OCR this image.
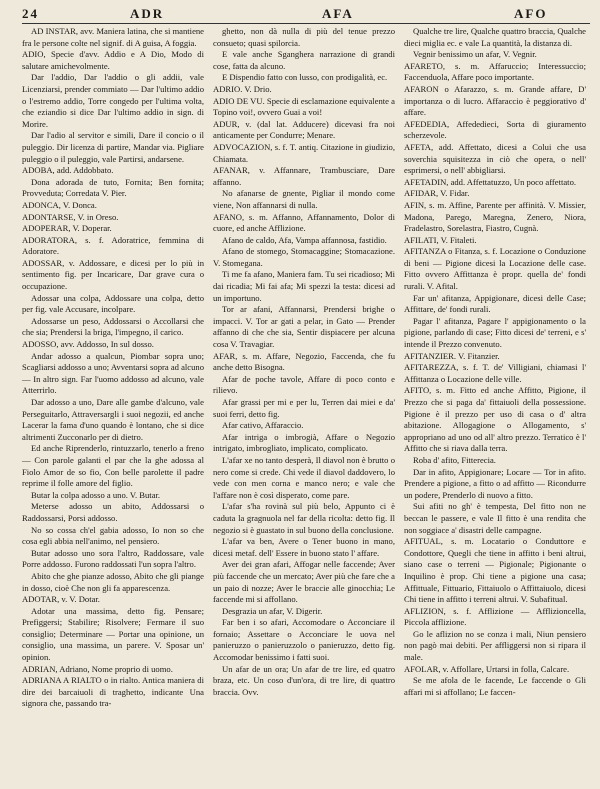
24	ADR	AFA	AFO

AD INSTAR, avv. Maniera latina, che si mantiene fra le persone colte nel signif. di A guisa, A foggia.

ADIO, Specie d'avv. Addio e A Dio, Modo di salutare amichevolmente.

Dar l'addio, Dar l'addio o gli addii, vale Licenziarsi, prender commiato — Dar l'ultimo addio o l'estremo addio, Torre congedo per l'ultima volta, che eziandio si dice Dar l'ultimo addio in sign. di Morire.

Dar l'adio al servitor e simili, Dare il concio o il puleggio. Dir licenza di partire, Mandar via. Pigliare puleggio o il puleggio, vale Partirsi, andarsene.

ADOBA, add. Addobbato.

Dona adorada de tuto, Fornita; Ben fornita; Provveduta; Corredata V. Pier.

ADONCA, V. Donca.

ADONTARSE, V. in Oreso.

ADOPERAR, V. Doperar.

ADORATORA, s. f. Adoratrice, femmina di Adoratore.

ADOSSAR, v. Addossare, e dicesi per lo più in sentimento fig. per Incaricare, Dar grave cura o occupazione.

Adossar una colpa, Addossare una colpa, detto per fig. vale Accusare, incolpare.

Adossarse un peso, Addossarsi o Accollarsi che che sia; Prendersi la briga, l'impegno, il carico.

ADOSSO, avv. Addosso, In sul dosso.

Andar adosso a qualcun, Piombar sopra uno; Scagliarsi addosso a uno; Avventarsi sopra ad alcuno — In altro sign. Far l'uomo addosso ad alcuno, vale Atterrirlo.

Dar adosso a uno, Dare alle gambe d'alcuno, vale Perseguitarlo, Attraversargli i suoi negozii, ed anche Lacerar la fama d'uno quando è lontano, che si dice altrimenti Zucconarlo per di dietro.

Ed anche Riprenderlo, rintuzzarlo, tenerlo a freno — Con parole galanti el par che la ghe adossa al Fiolo Amor de so fio, Con belle parolette il padre reprime il folle amore del figlio.

Butar la colpa adosso a uno. V. Butar.

Meterse adosso un abito, Addossarsi o Raddossarsi, Porsi addosso.

No so cossa ch'el gabia adosso, Io non so che cosa egli abbia nell'animo, nel pensiero.

Butar adosso uno sora l'altro, Raddossare, vale Porre addosso. Furono raddossati l'un sopra l'altro.

Abito che ghe pianze adosso, Abito che gli piange in dosso, cioè Che non gli fa apparescenza.

ADOTAR, v. V. Dotar.

Adotar una massima, detto fig. Pensare; Prefiggersi; Stabilire; Risolvere; Fermare il suo consiglio; Determinare — Portar una opinione, un consiglio, una massima, un parere. V. Sposar un' opinion.

ADRIAN, Adriano, Nome proprio di uomo.

ADRIANA A RIALTO o in rialto. Antica maniera di dire dei barcaiuoli di traghetto, indicante Una signora che, passando tra-

ghetto, non dà nulla di più del tenue prezzo consueto; quasi spilorcia.

E vale anche Sganghera narrazione di grandi cose, fatta da alcuno.

E Dispendio fatto con lusso, con prodigalità, ec.

ADRIO. V. Drio.

ADIO DE VU. Specie di esclamazione equivalente a Topino voi!, ovvero Guai a voi!

ADUR, v. (dal lat. Adducere) dicevasi fra noi anticamente per Condurre; Menare.

ADVOCAZION, s. f. T. antiq. Citazione in giudizio, Chiamata.

AFANAR, v. Affannare, Trambusciare, Dare affanno.

No afanarse de gnente, Pigliar il mondo come viene, Non affannarsi di nulla.

AFANO, s. m. Affanno, Affannamento, Dolor di cuore, ed anche Afflizione.

Afano de caldo, Afa, Vampa affannosa, fastidio.

Afano de stomego, Stomacaggine; Stomacazione. V. Stomegana.

Ti me fa afano, Maniera fam. Tu sei ricadioso; Mi dai ricadia; Mi fai afa; Mi spezzi la testa: dicesi ad un importuno.

Tor ar afani, Affannarsi, Prendersi brighe o impacci. V. Tor ar gati a pelar, in Gato — Prender affanno di che che sia, Sentir dispiacere per alcuna cosa V. Travagiar.

AFAR, s. m. Affare, Negozio, Faccenda, che fu anche detto Bisogna.

Afar de poche tavole, Affare di poco conto e rilievo.

Afar grassi per mi e per lu, Terren dai miei e da' suoi ferri, detto fig.

Afar cativo, Affaraccio.

Afar intriga o imbrogià, Affare o Negozio intrigato, imbrogliato, implicato, complicato.

L'afar xe no tanto desperà, Il diavol non è brutto o nero come si crede. Chi vede il diavol daddovero, lo vede con men corna e manco nero; e vale che l'affare non è così disperato, come pare.

L'afar s'ha rovinà sul più belo, Appunto ci è caduta la gragnuola nel far della ricolta: detto fig. Il negozio si è guastato in sul buono della conclusione.

L'afar va ben, Avere o Tener buono in mano, dicesi metaf. dell' Essere in buono stato l' affare.

Aver dei gran afari, Affogar nelle faccende; Aver più faccende che un mercato; Aver più che fare che a un paio di nozze; Aver le braccie alle ginocchia; Le faccende mi si affollano.

Desgrazia un afar, V. Digerir.

Far ben i so afari, Accomodare o Acconciare il fornaio; Assettare o Acconciare le uova nel panieruzzo o panieruzzolo o panieruzzo, detto fig. Accomodar benissimo i fatti suoi.

Un afar de un ora; Un afar de tre lire, ed quatro braza, etc. Un coso d'un'ora, di tre lire, di quattro braccia. Ovv.

Qualche tre lire, Qualche quattro braccia, Qualche dieci miglia ec. e vale La quantità, la distanza di.

Vegnir benissimo un afar, V. Vegnir.

AFARETO, s. m. Affaruccio; Interessuccio; Faccenduola, Affare poco importante.

AFARON o Afarazzo, s. m. Grande affare, D' importanza o di lucro. Affaraccio è peggiorativo d' affare.

AFEDEDIA, Affededieci, Sorta di giuramento scherzevole.

AFETA, add. Affettato, dicesi a Colui che usa soverchia squisitezza in ciò che opera, o nell' esprimersi, o nell' abbigliarsi.

AFETADIN, add. Affettatuzzo, Un poco affettato.

AFIDAR, V. Fidar.

AFIN, s. m. Affine, Parente per affinità. V. Missier, Madona, Parego, Maregna, Zenero, Niora, Fradelastro, Sorelastra, Fiastro, Cugnà.

AFILATI, V. Fitaleti.

AFITANZA o Fitanza, s. f. Locazione o Conduzione di beni — Pigione dicesi la Locazione delle case. Fitto ovvero Affittanza è propr. quella de' fondi rurali. V. Afital.

Far un' afitanza, Appigionare, dicesi delle Case; Affittare, de' fondi rurali.

Pagar l' afitanza, Pagare l' appigionamento o la pigione, parlando di case; Fitto dicesi de' terreni, e s' intende il Prezzo convenuto.

AFITANZIER. V. Fitanzier.

AFITAREZZA, s. f. T. de' Villigiani, chiamasi l' Affittanza o Locazione delle ville.

AFITO, s. m. Fitto ed anche Affitto, Pigione, il Prezzo che si paga da' fittaiuoli della possessione. Pigione è il prezzo per uso di casa o d' altra abitazione. Allogagione o Allogamento, s' appropriano ad uno od all' altro prezzo. Terratico è l' Affitto che si riava dalla terra.

Roba d' afito, Fitterecia.

Dar in afito, Appigionare; Locare — Tor in afito. Prendere a pigione, a fitto o ad affitto — Ricondurre un podere, Prenderlo di nuovo a fitto.

Sui afiti no gh' è tempesta, Del fitto non ne beccan le passere, e vale Il fitto è una rendita che non soggiace a' disastri delle campagne.

AFITUAL, s. m. Locatario o Conduttore e Condottore, Quegli che tiene in affitto i beni altrui, siano case o terreni — Pigionale; Pigionante o Inquilino è prop. Chi tiene a pigione una casa; Affittuale, Fittuario, Fittaiuolo o Affittaiuolo, dicesi Chi tiene in affitto i terreni altrui. V. Subafitual.

AFLIZION, s. f. Afflizione — Afflizioncella, Piccola afflizione.

Go le aflizion no se conza i mali, Niun pensiero non pagò mai debiti. Per affliggersi non si ripara il male.

AFOLAR, v. Affollare, Urtarsi in folla, Calcare.

Se me afola de le facende, Le faccende o Gli affari mi si affollano; Le faccen-
